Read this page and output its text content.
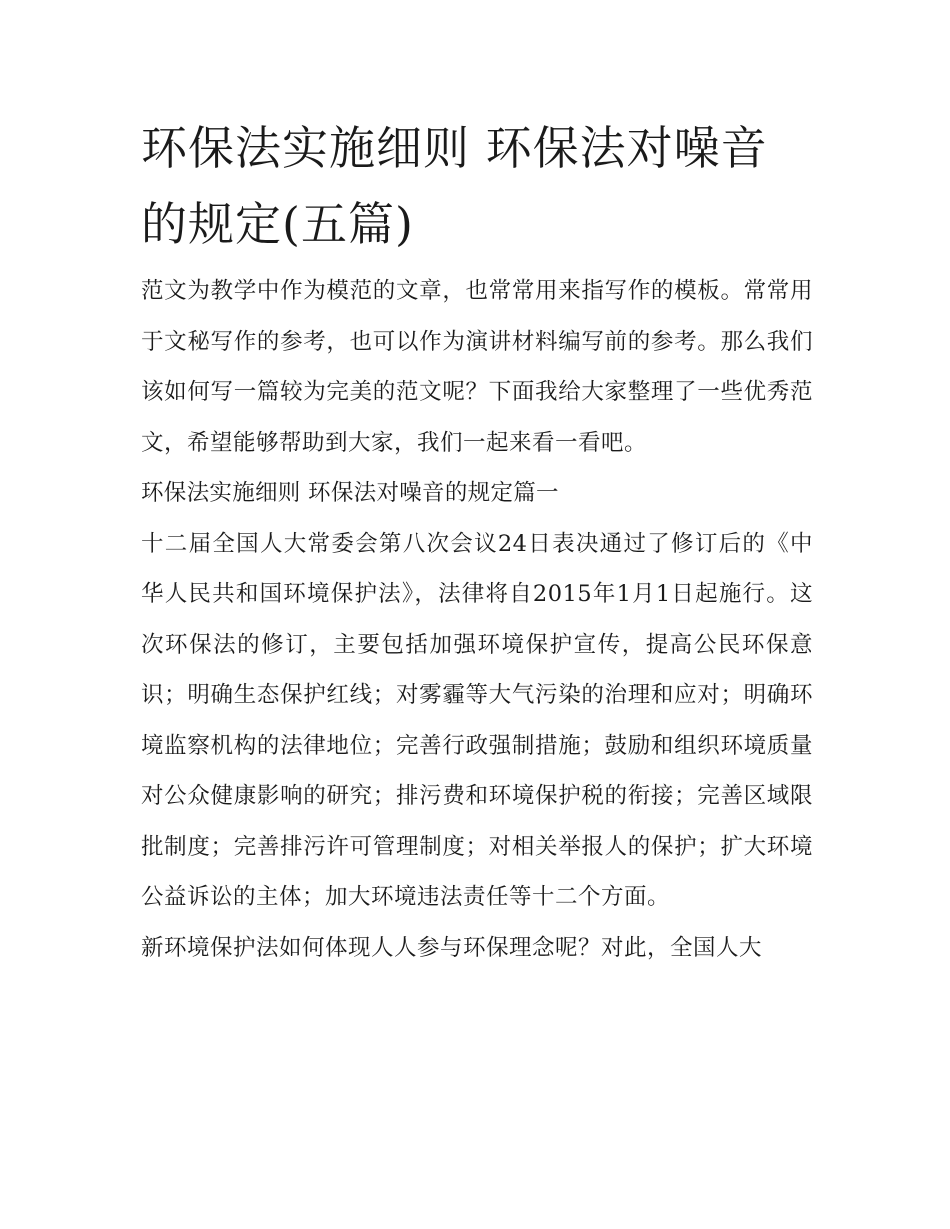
环保法实施细则 环保法对噪音的规定(五篇)

范文为教学中作为模范的文章，也常常用来指写作的模板。常常用于文秘写作的参考，也可以作为演讲材料编写前的参考。那么我们该如何写一篇较为完美的范文呢？下面我给大家整理了一些优秀范文，希望能够帮助到大家，我们一起来看一看吧。

环保法实施细则 环保法对噪音的规定篇一

十二届全国人大常委会第八次会议24日表决通过了修订后的《中华人民共和国环境保护法》，法律将自2015年1月1日起施行。这次环保法的修订，主要包括加强环境保护宣传，提高公民环保意识；明确生态保护红线；对雾霾等大气污染的治理和应对；明确环境监察机构的法律地位；完善行政强制措施；鼓励和组织环境质量对公众健康影响的研究；排污费和环境保护税的衔接；完善区域限批制度；完善排污许可管理制度；对相关举报人的保护；扩大环境公益诉讼的主体；加大环境违法责任等十二个方面。

新环境保护法如何体现人人参与环保理念呢？对此，全国人大
